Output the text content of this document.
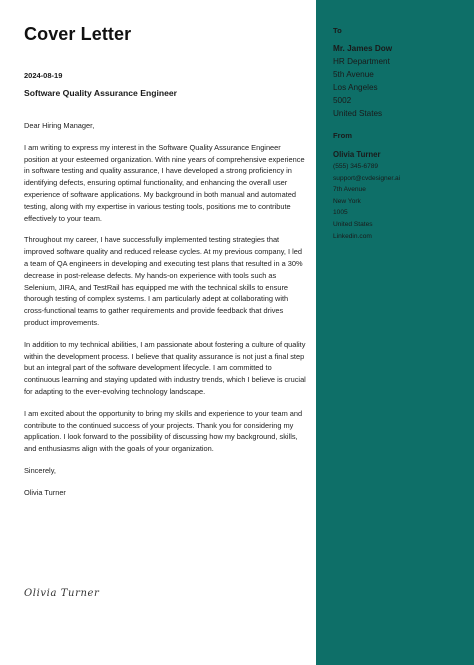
Cover Letter
2024-08-19
Software Quality Assurance Engineer

Dear Hiring Manager,

I am writing to express my interest in the Software Quality Assurance Engineer position at your esteemed organization. With nine years of comprehensive experience in software testing and quality assurance, I have developed a strong proficiency in identifying defects, ensuring optimal functionality, and enhancing the overall user experience of software applications. My background in both manual and automated testing, along with my expertise in various testing tools, positions me to contribute effectively to your team.

Throughout my career, I have successfully implemented testing strategies that improved software quality and reduced release cycles. At my previous company, I led a team of QA engineers in developing and executing test plans that resulted in a 30% decrease in post-release defects. My hands-on experience with tools such as Selenium, JIRA, and TestRail has equipped me with the technical skills to ensure thorough testing of complex systems. I am particularly adept at collaborating with cross-functional teams to gather requirements and provide feedback that drives product improvements.

In addition to my technical abilities, I am passionate about fostering a culture of quality within the development process. I believe that quality assurance is not just a final step but an integral part of the software development lifecycle. I am committed to continuous learning and staying updated with industry trends, which I believe is crucial for adapting to the ever-evolving technology landscape.

I am excited about the opportunity to bring my skills and experience to your team and contribute to the continued success of your projects. Thank you for considering my application. I look forward to the possibility of discussing how my background, skills, and enthusiasms align with the goals of your organization.

Sincerely,

Olivia Turner

Olivia Turner
To
Mr. James Dow
HR Department
5th Avenue
Los Angeles
5002
United States
From
Olivia Turner
(555) 345-6789
support@cvdesigner.ai
7th Avenue
New York
1005
United States
Linkedin.com
